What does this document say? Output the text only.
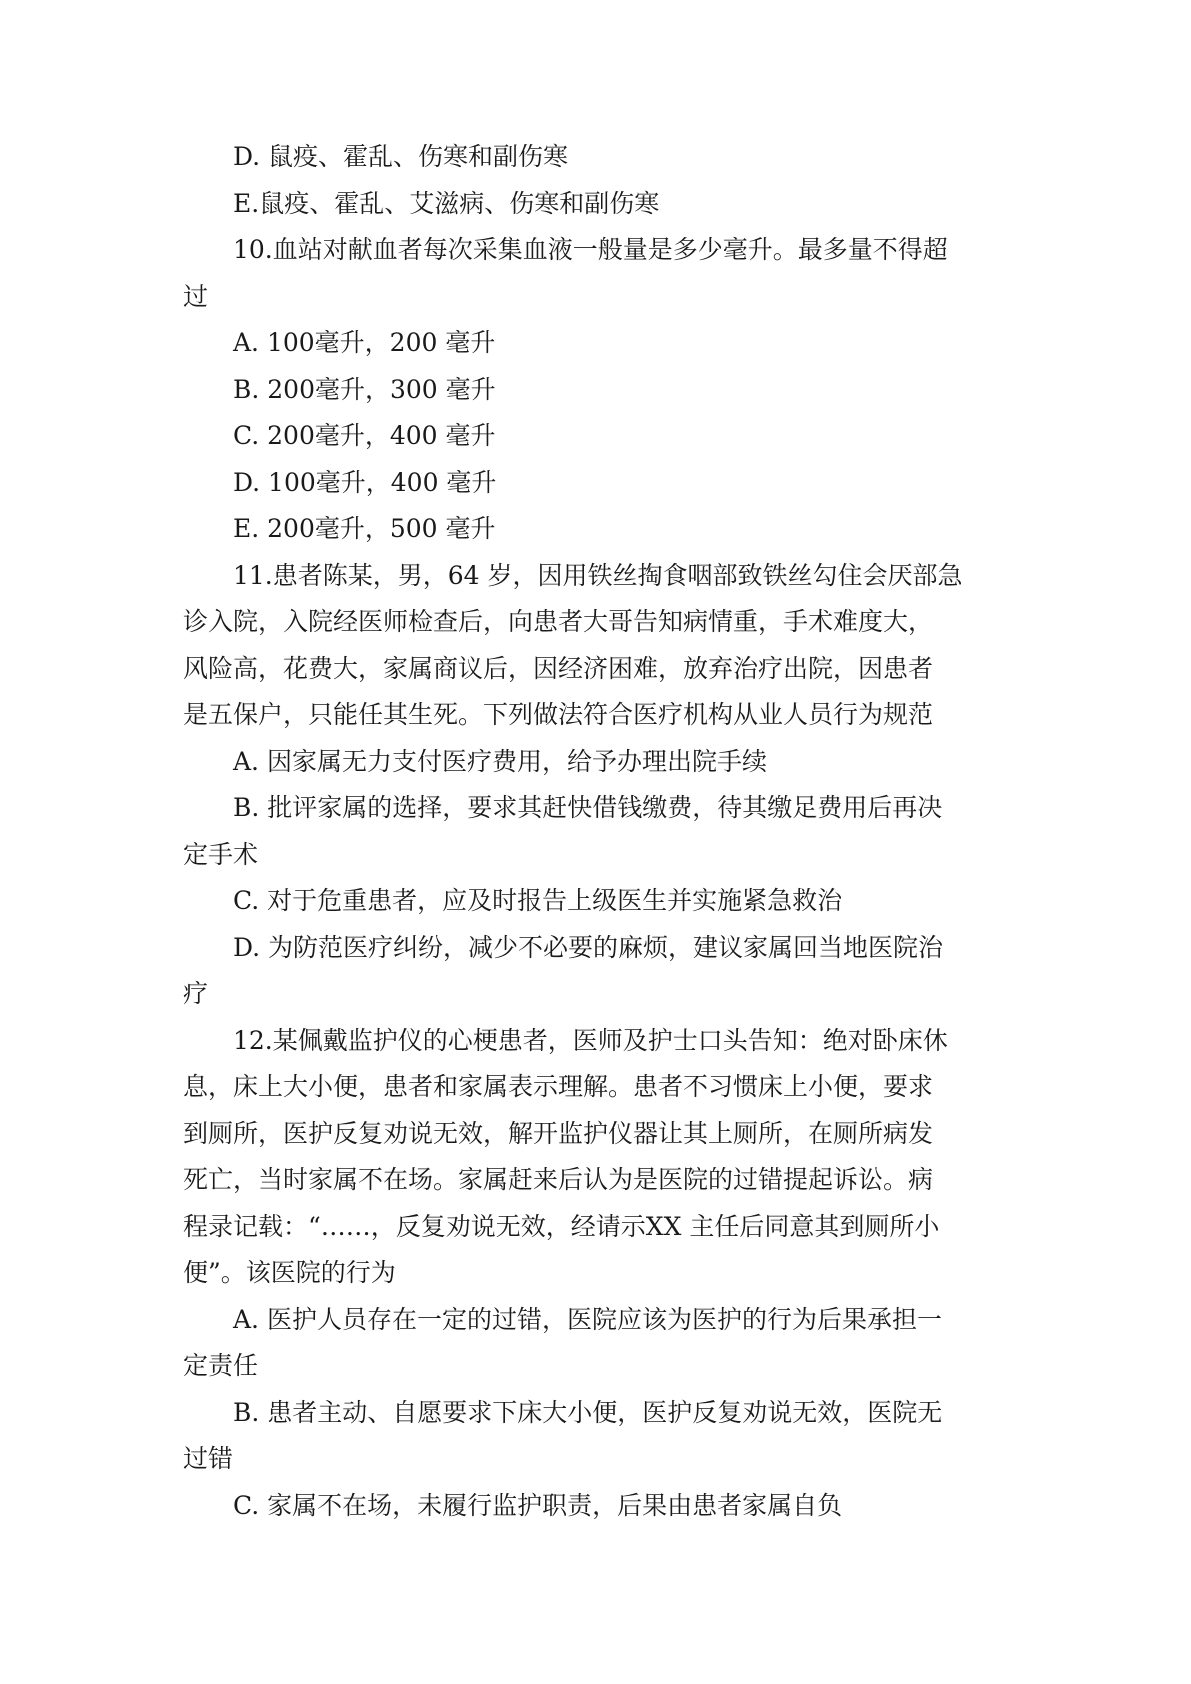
D. 鼠疫、霍乱、伤寒和副伤寒
E.鼠疫、霍乱、艾滋病、伤寒和副伤寒
10.血站对献血者每次采集血液一般量是多少毫升。最多量不得超
过
A. 100毫升，200 毫升
B. 200毫升，300 毫升
C. 200毫升，400 毫升
D. 100毫升，400 毫升
E. 200毫升，500 毫升
11.患者陈某，男，64 岁，因用铁丝掏食咽部致铁丝勾住会厌部急
诊入院，入院经医师检查后，向患者大哥告知病情重，手术难度大，
风险高，花费大，家属商议后，因经济困难，放弃治疗出院，因患者
是五保户，只能任其生死。下列做法符合医疗机构从业人员行为规范
A. 因家属无力支付医疗费用，给予办理出院手续
B. 批评家属的选择，要求其赶快借钱缴费，待其缴足费用后再决
定手术
C. 对于危重患者，应及时报告上级医生并实施紧急救治
D. 为防范医疗纠纷，减少不必要的麻烦，建议家属回当地医院治
疗
12.某佩戴监护仪的心梗患者，医师及护士口头告知：绝对卧床休
息，床上大小便，患者和家属表示理解。患者不习惯床上小便，要求
到厕所，医护反复劝说无效，解开监护仪器让其上厕所，在厕所病发
死亡，当时家属不在场。家属赶来后认为是医院的过错提起诉讼。病
程录记载：“……，反复劝说无效，经请示XX 主任后同意其到厕所小
便”。该医院的行为
A. 医护人员存在一定的过错，医院应该为医护的行为后果承担一
定责任
B. 患者主动、自愿要求下床大小便，医护反复劝说无效，医院无
过错
C. 家属不在场，未履行监护职责，后果由患者家属自负
